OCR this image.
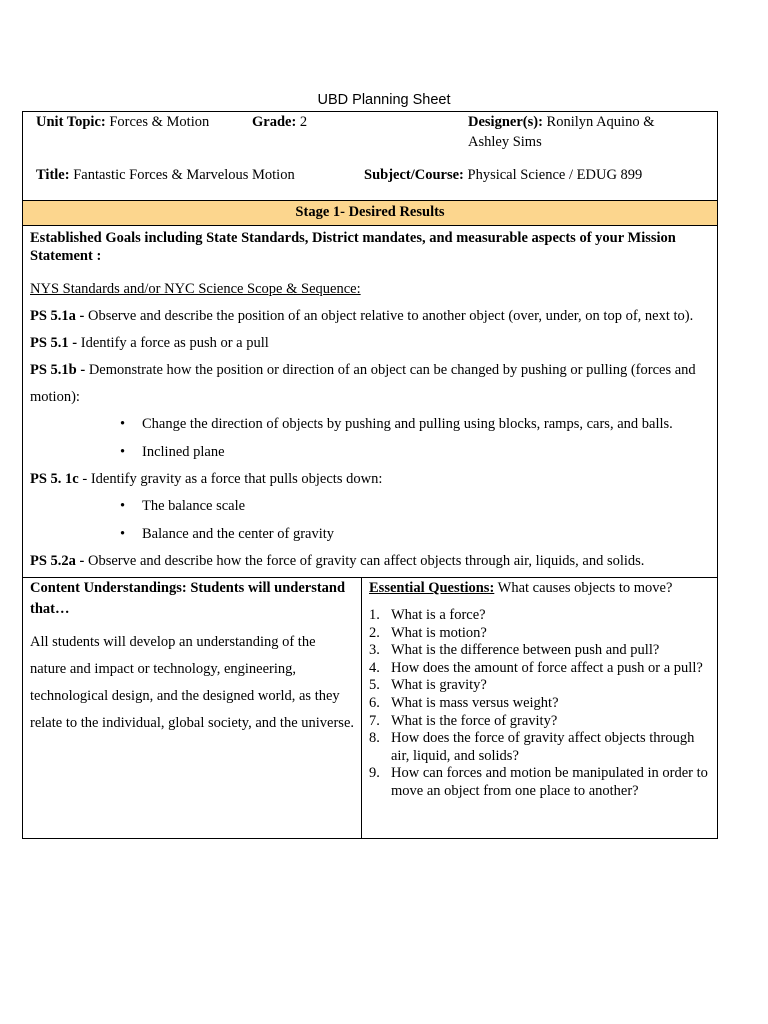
UBD Planning Sheet
Unit Topic: Forces & Motion	Grade: 2	Designer(s): Ronilyn Aquino &
Ashley Sims
Title: Fantastic Forces & Marvelous Motion	Subject/Course: Physical Science / EDUG 899
Stage 1- Desired Results
Established Goals including State Standards, District mandates, and measurable aspects of your Mission Statement :
NYS Standards and/or NYC Science Scope & Sequence:

PS 5.1a - Observe and describe the position of an object relative to another object (over, under, on top of, next to).

PS 5.1 - Identify a force as push or a pull

PS 5.1b - Demonstrate how the position or direction of an object can be changed by pushing or pulling (forces and motion):

• Change the direction of objects by pushing and pulling using blocks, ramps, cars, and balls.
• Inclined plane

PS 5. 1c - Identify gravity as a force that pulls objects down:

• The balance scale
• Balance and the center of gravity

PS 5.2a - Observe and describe how the force of gravity can affect objects through air, liquids, and solids.

Content Understandings: Students will understand that…
All students will develop an understanding of the nature and impact or technology, engineering, technological design, and the designed world, as they relate to the individual, global society, and the universe.
Essential Questions: What causes objects to move?
1. What is a force?
2. What is motion?
3. What is the difference between push and pull?
4. How does the amount of force affect a push or a pull?
5. What is gravity?
6. What is mass versus weight?
7. What is the force of gravity?
8. How does the force of gravity affect objects through air, liquid, and solids?
9. How can forces and motion be manipulated in order to move an object from one place to another?
